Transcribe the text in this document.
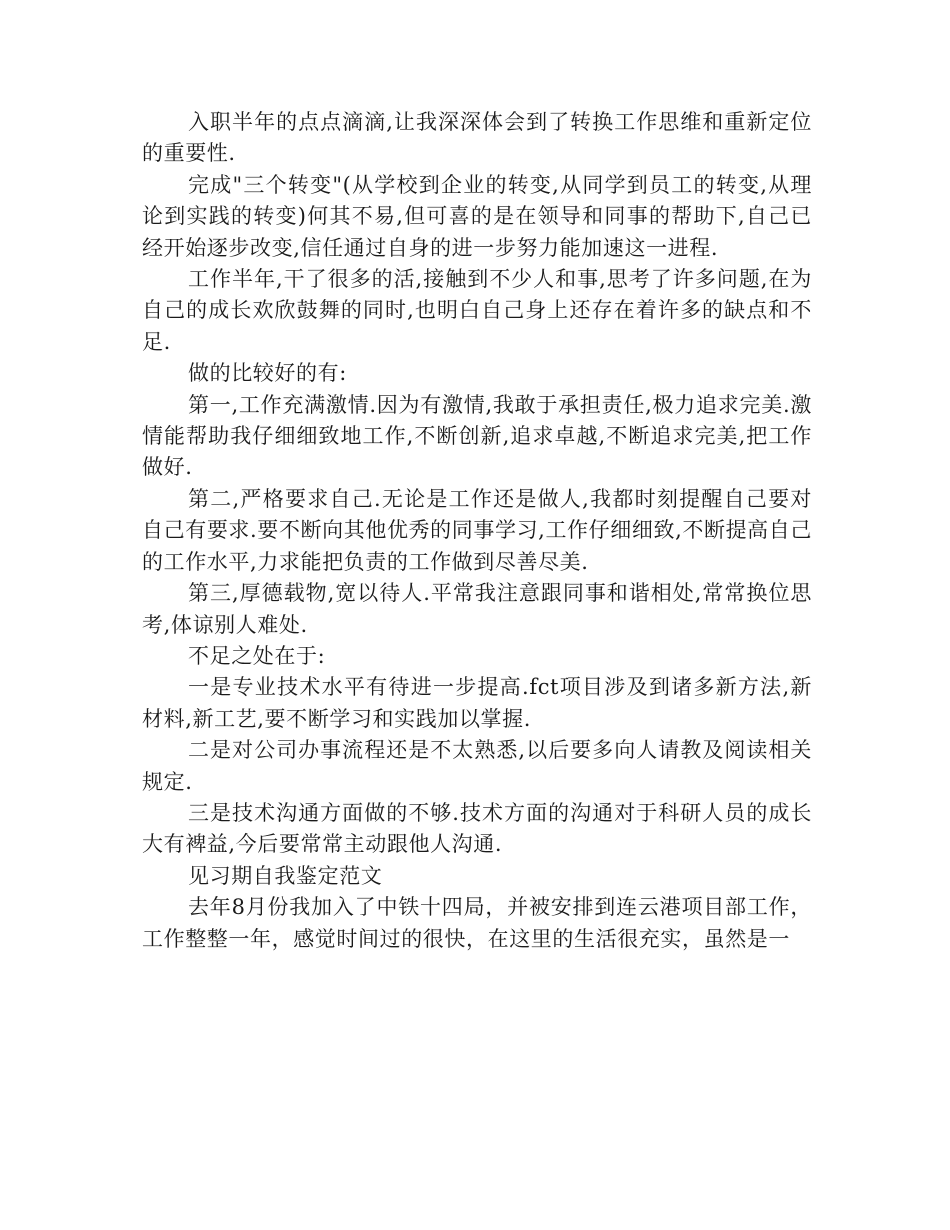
入职半年的点点滴滴,让我深深体会到了转换工作思维和重新定位的重要性.

完成"三个转变"(从学校到企业的转变,从同学到员工的转变,从理论到实践的转变)何其不易,但可喜的是在领导和同事的帮助下,自己已经开始逐步改变,信任通过自身的进一步努力能加速这一进程.

工作半年,干了很多的活,接触到不少人和事,思考了许多问题,在为自己的成长欢欣鼓舞的同时,也明白自己身上还存在着许多的缺点和不足.

做的比较好的有:

第一,工作充满激情.因为有激情,我敢于承担责任,极力追求完美.激情能帮助我仔细细致地工作,不断创新,追求卓越,不断追求完美,把工作做好.

第二,严格要求自己.无论是工作还是做人,我都时刻提醒自己要对自己有要求.要不断向其他优秀的同事学习,工作仔细细致,不断提高自己的工作水平,力求能把负责的工作做到尽善尽美.

第三,厚德载物,宽以待人.平常我注意跟同事和谐相处,常常换位思考,体谅别人难处.

不足之处在于:

一是专业技术水平有待进一步提高.fct项目涉及到诸多新方法,新材料,新工艺,要不断学习和实践加以掌握.

二是对公司办事流程还是不太熟悉,以后要多向人请教及阅读相关规定.

三是技术沟通方面做的不够.技术方面的沟通对于科研人员的成长大有裨益,今后要常常主动跟他人沟通.

见习期自我鉴定范文

去年8月份我加入了中铁十四局，并被安排到连云港项目部工作，工作整整一年，感觉时间过的很快，在这里的生活很充实，虽然是一
